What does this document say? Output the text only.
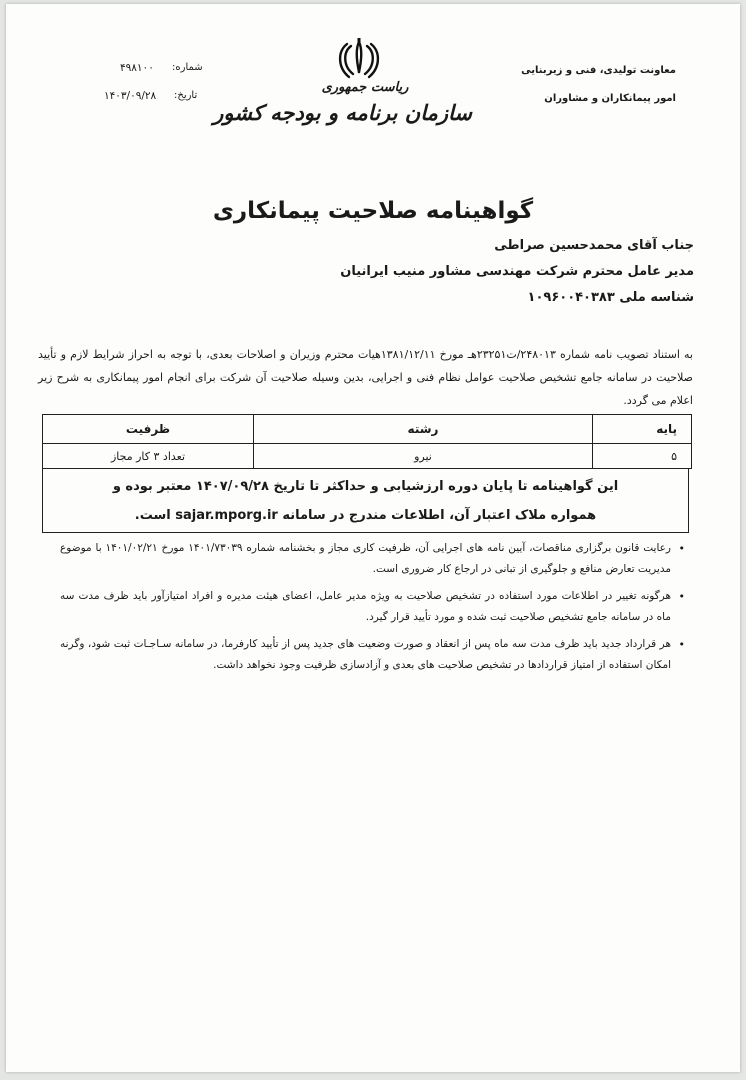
۴۹۸۱۰۰ شماره:
۱۴۰۳/۰۹/۲۸ تاریخ:
ریاست جمهوری
سازمان برنامه و بودجه کشور
معاونت تولیدی، فنی و زیربنایی
امور پیمانکاران و مشاوران
گواهینامه صلاحیت پیمانکاری
جناب آقای محمدحسین صراطی
مدیر عامل محترم شرکت مهندسی مشاور منیب ایرانیان
شناسه ملی ۱۰۹۶۰۰۴۰۳۸۳
به استناد تصویب نامه شماره ۲۴۸۰۱۳/ت۲۳۲۵۱هـ مورخ ۱۳۸۱/۱۲/۱۱هیات محترم وزیران و اصلاحات بعدی، با توجه به احراز شرایط لازم و تأیید صلاحیت در سامانه جامع تشخیص صلاحیت عوامل نظام فنی و اجرایی، بدین وسیله صلاحیت آن شرکت برای انجام امور پیمانکاری به شرح زیر اعلام می گردد.
پایه	رشته	ظرفیت
۵	نیرو	تعداد ۳ کار مجاز
این گواهینامه تا پایان دوره ارزشیابی و حداکثر تا تاریخ ۱۴۰۷/۰۹/۲۸ معتبر بوده و
همواره ملاک اعتبار آن، اطلاعات مندرج در سامانه sajar.mporg.ir است.
• رعایت قانون برگزاری مناقصات، آیین نامه های اجرایی آن، ظرفیت کاری مجاز و بخشنامه شماره ۱۴۰۱/۷۳۰۳۹ مورخ ۱۴۰۱/۰۲/۲۱ با موضوع مدیریت تعارض منافع و جلوگیری از تبانی در ارجاع کار ضروری است.
• هرگونه تغییر در اطلاعات مورد استفاده در تشخیص صلاحیت به ویژه مدیر عامل، اعضای هیئت مدیره و افراد امتیازآور باید ظرف مدت سه ماه در سامانه جامع تشخیص صلاحیت ثبت شده و مورد تأیید قرار گیرد.
• هر قرارداد جدید باید ظرف مدت سه ماه پس از انعقاد و صورت وضعیت های جدید پس از تأیید کارفرما، در سامانه سـاجـات ثبت شود، وگرنه امکان استفاده از امتیاز قراردادها در تشخیص صلاحیت های بعدی و آزادسازی ظرفیت وجود نخواهد داشت.
